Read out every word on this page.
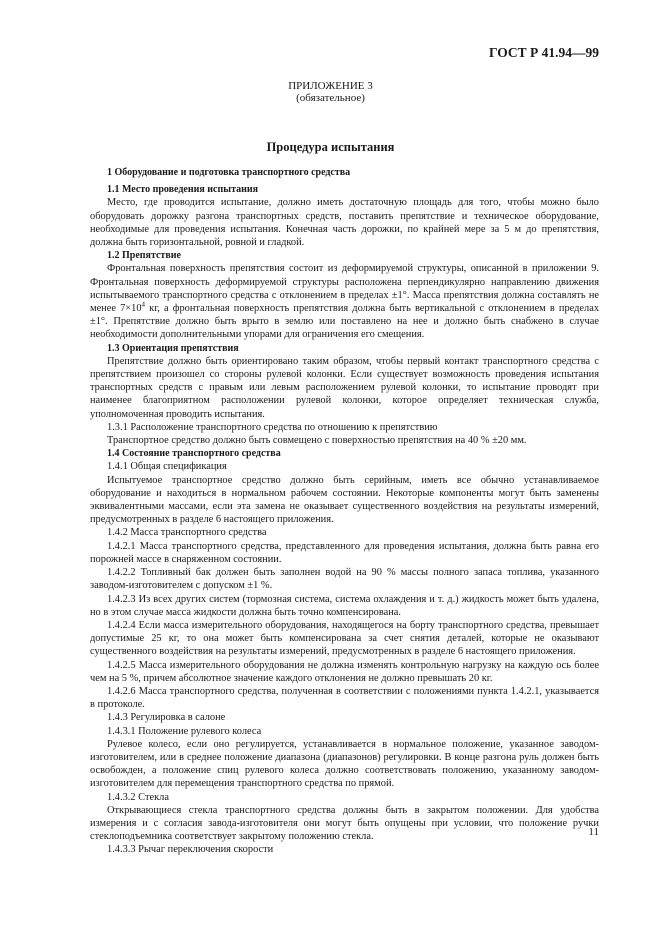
ГОСТ Р 41.94—99
ПРИЛОЖЕНИЕ 3
(обязательное)
Процедура испытания

1 Оборудование и подготовка транспортного средства

1.1 Место проведения испытания

Место, где проводится испытание, должно иметь достаточную площадь для того, чтобы можно было оборудовать дорожку разгона транспортных средств, поставить препятствие и техническое оборудование, необходимые для проведения испытания. Конечная часть дорожки, по крайней мере за 5 м до препятствия, должна быть горизонтальной, ровной и гладкой.

1.2 Препятствие

Фронтальная поверхность препятствия состоит из деформируемой структуры, описанной в приложении 9. Фронтальная поверхность деформируемой структуры расположена перпендикулярно направлению движения испытываемого транспортного средства с отклонением в пределах ±1°. Масса препятствия должна составлять не менее $7\times 10^4$ кг, а фронтальная поверхность препятствия должна быть вертикальной с отклонением в пределах ±1°. Препятствие должно быть врыто в землю или поставлено на нее и должно быть снабжено в случае необходимости дополнительными упорами для ограничения его смещения.

1.3 Ориентация препятствия

Препятствие должно быть ориентировано таким образом, чтобы первый контакт транспортного средства с препятствием произошел со стороны рулевой колонки. Если существует возможность проведения испытания транспортных средств с правым или левым расположением рулевой колонки, то испытание проводят при наименее благоприятном расположении рулевой колонки, которое определяет техническая служба, уполномоченная проводить испытания.

1.3.1 Расположение транспортного средства по отношению к препятствию

Транспортное средство должно быть совмещено с поверхностью препятствия на 40 % ±20 мм.

1.4 Состояние транспортного средства

1.4.1 Общая спецификация

Испытуемое транспортное средство должно быть серийным, иметь все обычно устанавливаемое оборудование и находиться в нормальном рабочем состоянии. Некоторые компоненты могут быть заменены эквивалентными массами, если эта замена не оказывает существенного воздействия на результаты измерений, предусмотренных в разделе 6 настоящего приложения.

1.4.2 Масса транспортного средства

1.4.2.1 Масса транспортного средства, представленного для проведения испытания, должна быть равна его порожней массе в снаряженном состоянии.

1.4.2.2 Топливный бак должен быть заполнен водой на 90 % массы полного запаса топлива, указанного заводом-изготовителем с допуском ±1 %.

1.4.2.3 Из всех других систем (тормозная система, система охлаждения и т. д.) жидкость может быть удалена, но в этом случае масса жидкости должна быть точно компенсирована.

1.4.2.4 Если масса измерительного оборудования, находящегося на борту транспортного средства, превышает допустимые 25 кг, то она может быть компенсирована за счет снятия деталей, которые не оказывают существенного воздействия на результаты измерений, предусмотренных в разделе 6 настоящего приложения.

1.4.2.5 Масса измерительного оборудования не должна изменять контрольную нагрузку на каждую ось более чем на 5 %, причем абсолютное значение каждого отклонения не должно превышать 20 кг.

1.4.2.6 Масса транспортного средства, полученная в соответствии с положениями пункта 1.4.2.1, указывается в протоколе.

1.4.3 Регулировка в салоне

1.4.3.1 Положение рулевого колеса

Рулевое колесо, если оно регулируется, устанавливается в нормальное положение, указанное заводом-изготовителем, или в среднее положение диапазона (диапазонов) регулировки. В конце разгона руль должен быть освобожден, а положение спиц рулевого колеса должно соответствовать положению, указанному заводом-изготовителем для перемещения транспортного средства по прямой.

1.4.3.2 Стекла

Открывающиеся стекла транспортного средства должны быть в закрытом положении. Для удобства измерения и с согласия завода-изготовителя они могут быть опущены при условии, что положение ручки стеклоподъемника соответствует закрытому положению стекла.

1.4.3.3 Рычаг переключения скорости

11
